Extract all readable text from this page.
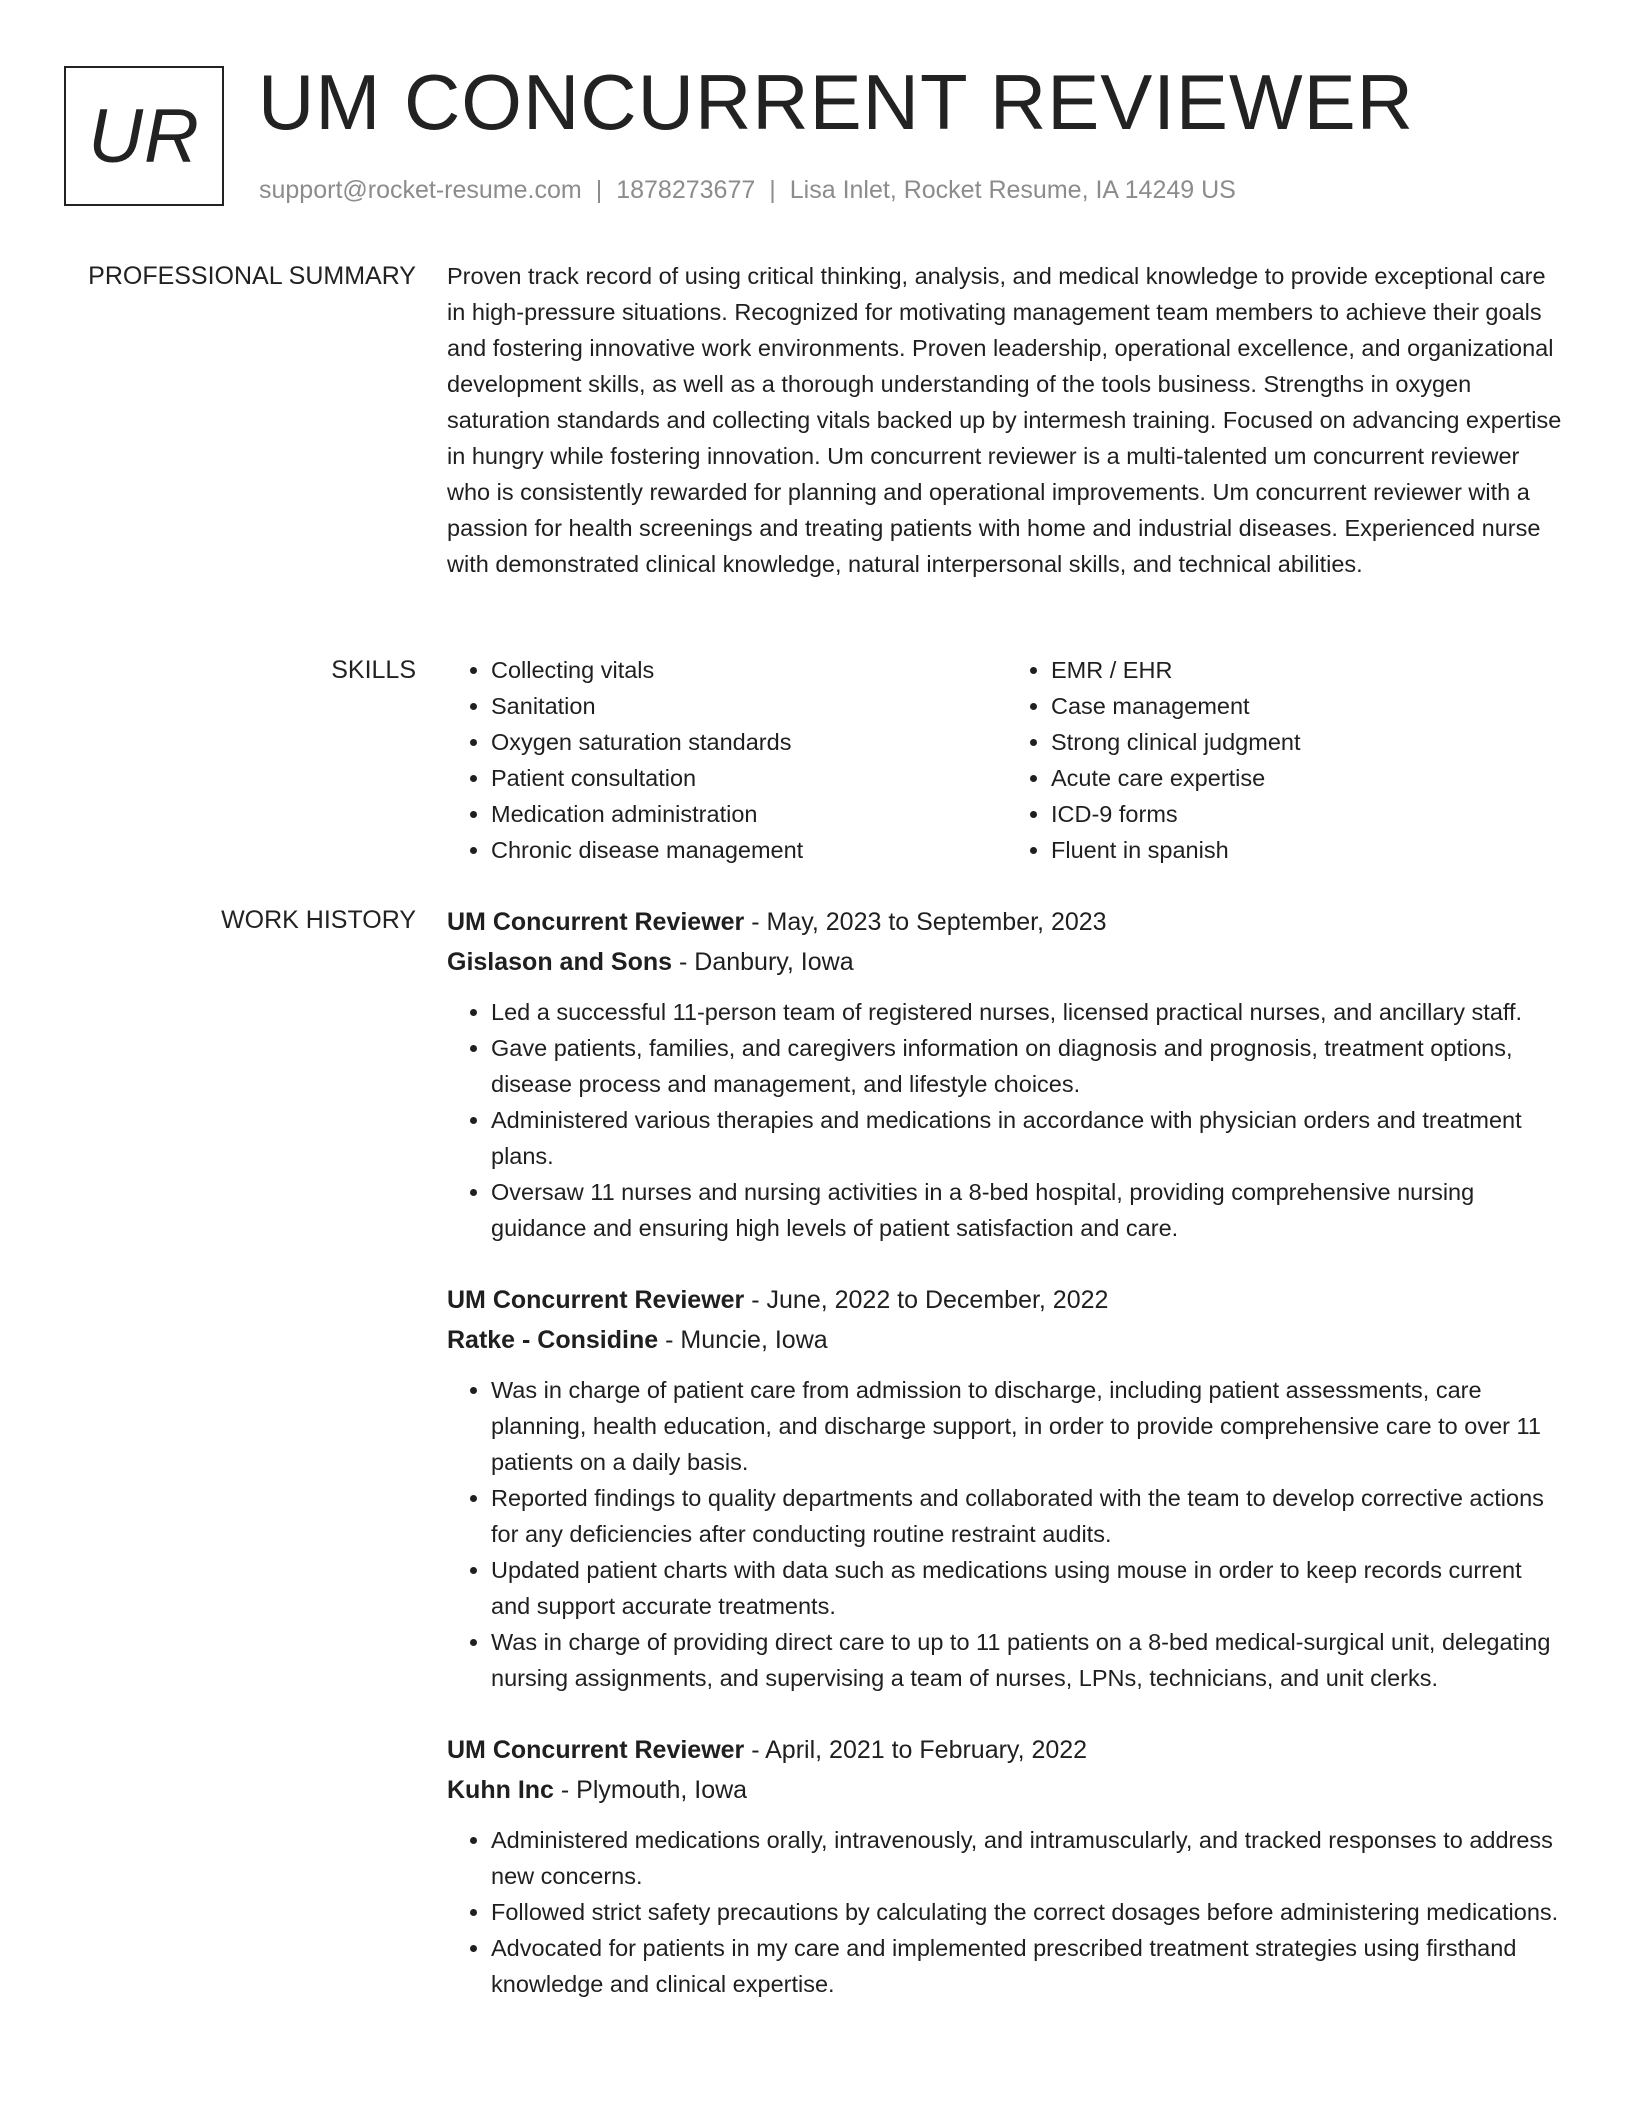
UR UM CONCURRENT REVIEWER
support@rocket-resume.com | 1878273677 | Lisa Inlet, Rocket Resume, IA 14249 US
PROFESSIONAL SUMMARY Proven track record of using critical thinking, analysis, and medical knowledge to provide exceptional care in high-pressure situations. Recognized for motivating management team members to achieve their goals and fostering innovative work environments. Proven leadership, operational excellence, and organizational development skills, as well as a thorough understanding of the tools business. Strengths in oxygen saturation standards and collecting vitals backed up by intermesh training. Focused on advancing expertise in hungry while fostering innovation. Um concurrent reviewer is a multi-talented um concurrent reviewer who is consistently rewarded for planning and operational improvements. Um concurrent reviewer with a passion for health screenings and treating patients with home and industrial diseases. Experienced nurse with demonstrated clinical knowledge, natural interpersonal skills, and technical abilities.

SKILLS
•	Collecting vitals
• Sanitation
• Oxygen saturation standards
• Patient consultation
• Medication administration
• Chronic disease management
• EMR / EHR
• Case management
• Strong clinical judgment
• Acute care expertise
• ICD-9 forms
• Fluent in spanish
WORK HISTORY UM Concurrent Reviewer - May, 2023 to September, 2023
Gislason and Sons - Danbury, Iowa
• Led a successful 11-person team of registered nurses, licensed practical nurses, and ancillary staff.
• Gave patients, families, and caregivers information on diagnosis and prognosis, treatment options, disease process and management, and lifestyle choices.
• Administered various therapies and medications in accordance with physician orders and treatment plans.
• Oversaw 11 nurses and nursing activities in a 8-bed hospital, providing comprehensive nursing guidance and ensuring high levels of patient satisfaction and care.
UM Concurrent Reviewer - June, 2022 to December, 2022
Ratke - Considine - Muncie, Iowa
• Was in charge of patient care from admission to discharge, including patient assessments, care planning, health education, and discharge support, in order to provide comprehensive care to over 11 patients on a daily basis.
• Reported findings to quality departments and collaborated with the team to develop corrective actions for any deficiencies after conducting routine restraint audits.
• Updated patient charts with data such as medications using mouse in order to keep records current and support accurate treatments.
• Was in charge of providing direct care to up to 11 patients on a 8-bed medical-surgical unit, delegating nursing assignments, and supervising a team of nurses, LPNs, technicians, and unit clerks.
UM Concurrent Reviewer - April, 2021 to February, 2022
Kuhn Inc - Plymouth, Iowa
• Administered medications orally, intravenously, and intramuscularly, and tracked responses to address new concerns.
• Followed strict safety precautions by calculating the correct dosages before administering medications.
• Advocated for patients in my care and implemented prescribed treatment strategies using firsthand knowledge and clinical expertise.
